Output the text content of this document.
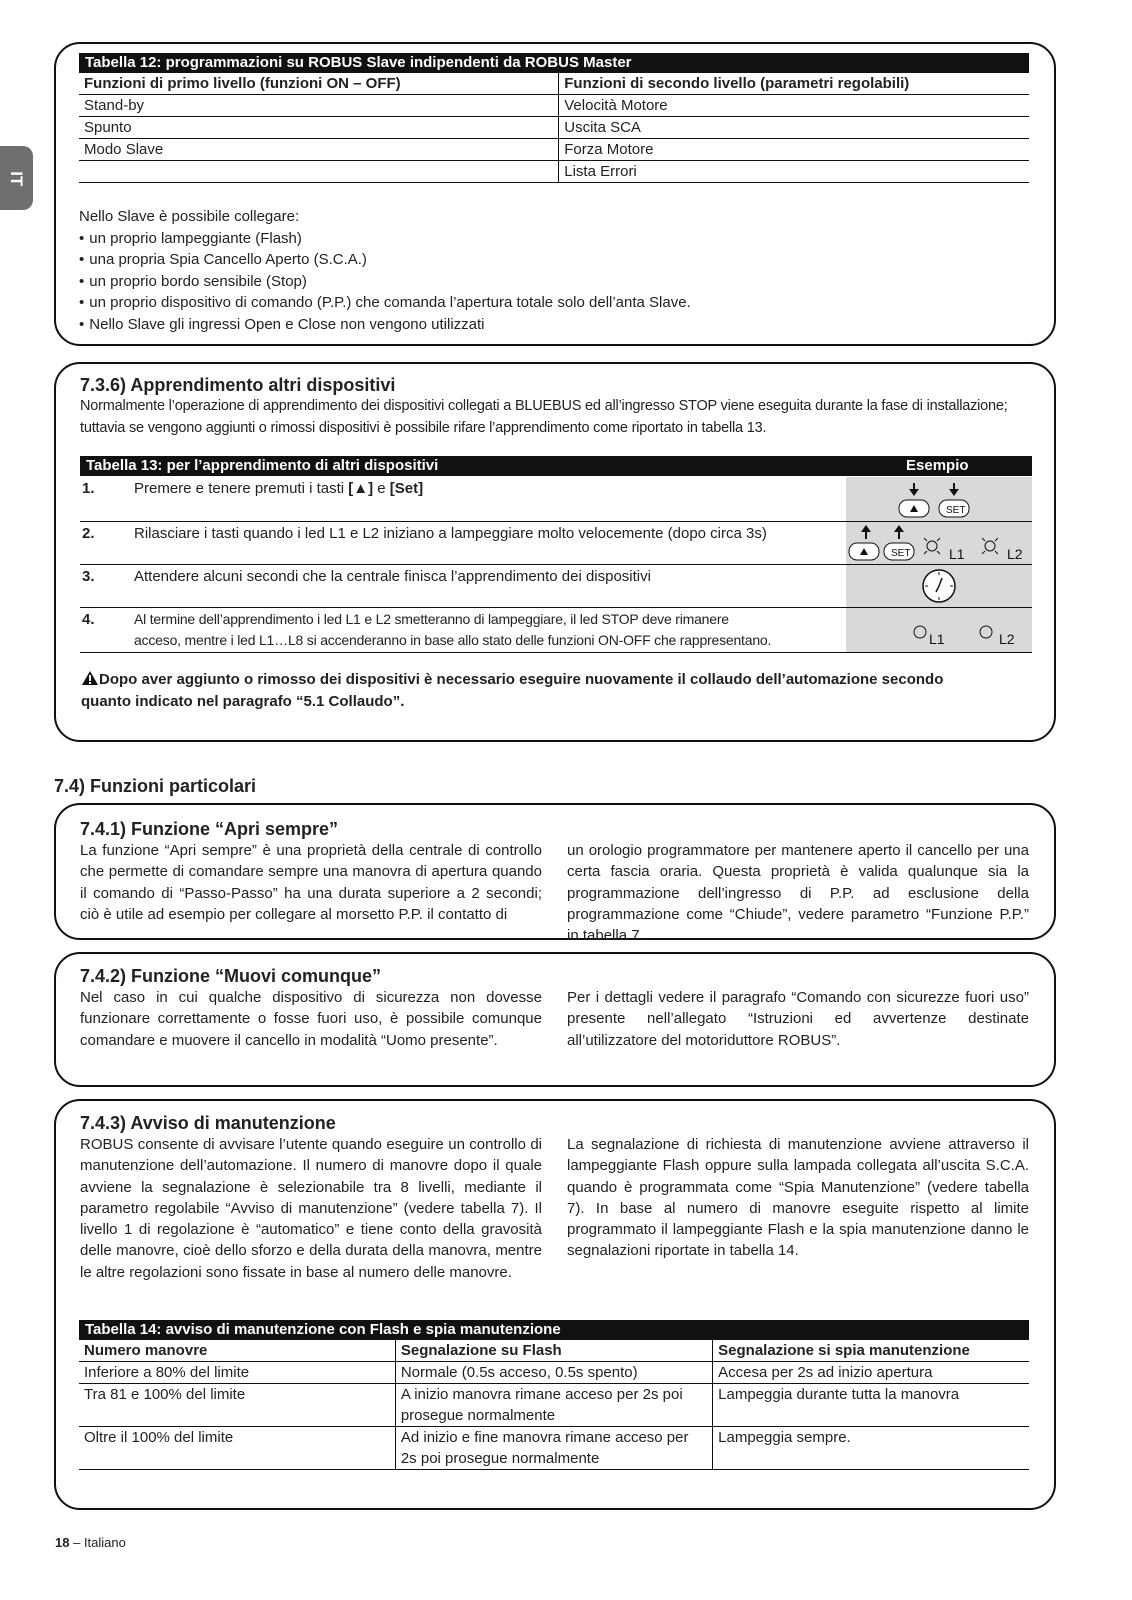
IT
Tabella 12: programmazioni su ROBUS Slave indipendenti da ROBUS Master
Funzioni di primo livello (funzioni ON – OFF)	Funzioni di secondo livello (parametri regolabili)
Stand-by	Velocità Motore
Spunto	Uscita SCA
Modo Slave	Forza Motore
	Lista Errori
Nello Slave è possibile collegare:
• un proprio lampeggiante (Flash)
• una propria Spia Cancello Aperto (S.C.A.)
• un proprio bordo sensibile (Stop)
• un proprio dispositivo di comando (P.P.) che comanda l’apertura totale solo dell’anta Slave.
• Nello Slave gli ingressi Open e Close non vengono utilizzati
7.3.6) Apprendimento altri dispositivi
Normalmente l’operazione di apprendimento dei dispositivi collegati a BLUEBUS ed all’ingresso STOP viene eseguita durante la fase di installazione;
tuttavia se vengono aggiunti o rimossi dispositivi è possibile rifare l’apprendimento come riportato in tabella 13.
Tabella 13: per l’apprendimento di altri dispositivi	Esempio
1.	Premere e tenere premuti i tasti [▲] e [Set]
SET
2.	Rilasciare i tasti quando i led L1 e L2 iniziano a lampeggiare molto velocemente (dopo circa 3s)
SET	L1	L2
3.	Attendere alcuni secondi che la centrale finisca l’apprendimento dei dispositivi
4.	Al termine dell’apprendimento i led L1 e L2 smetteranno di lampeggiare, il led STOP deve rimanere
acceso, mentre i led L1…L8 si accenderanno in base allo stato delle funzioni ON-OFF che rappresentano.	L1	L2
Dopo aver aggiunto o rimosso dei dispositivi è necessario eseguire nuovamente il collaudo dell’automazione secondo
quanto indicato nel paragrafo “5.1 Collaudo”.
7.4) Funzioni particolari
7.4.1) Funzione “Apri sempre”
La funzione “Apri sempre” è una proprietà della centrale di controllo che permette di comandare sempre una manovra di apertura quando il comando di “Passo-Passo” ha una durata superiore a 2 secondi; ciò è utile ad esempio per collegare al morsetto P.P. il contatto di
un orologio programmatore per mantenere aperto il cancello per una certa fascia oraria. Questa proprietà è valida qualunque sia la programmazione dell’ingresso di P.P. ad esclusione della programmazione come “Chiude”, vedere parametro “Funzione P.P.” in tabella 7.
7.4.2) Funzione “Muovi comunque”
Nel caso in cui qualche dispositivo di sicurezza non dovesse funzionare correttamente o fosse fuori uso, è possibile comunque comandare e muovere il cancello in modalità “Uomo presente”.
Per i dettagli vedere il paragrafo “Comando con sicurezze fuori uso” presente nell’allegato “Istruzioni ed avvertenze destinate all’utilizzatore del motoriduttore ROBUS”.
7.4.3) Avviso di manutenzione
ROBUS consente di avvisare l’utente quando eseguire un controllo di manutenzione dell’automazione. Il numero di manovre dopo il quale avviene la segnalazione è selezionabile tra 8 livelli, mediante il parametro regolabile “Avviso di manutenzione” (vedere tabella 7). Il livello 1 di regolazione è “automatico” e tiene conto della gravosità delle manovre, cioè dello sforzo e della durata della manovra, mentre le altre regolazioni sono fissate in base al numero delle manovre.
La segnalazione di richiesta di manutenzione avviene attraverso il lampeggiante Flash oppure sulla lampada collegata all’uscita S.C.A. quando è programmata come “Spia Manutenzione” (vedere tabella 7). In base al numero di manovre eseguite rispetto al limite programmato il lampeggiante Flash e la spia manutenzione danno le segnalazioni riportate in tabella 14.
Tabella 14: avviso di manutenzione con Flash e spia manutenzione
Numero manovre	Segnalazione su Flash	Segnalazione si spia manutenzione
Inferiore a 80% del limite	Normale (0.5s acceso, 0.5s spento)	Accesa per 2s ad inizio apertura
Tra 81 e 100% del limite	A inizio manovra rimane acceso per 2s poi prosegue normalmente	Lampeggia durante tutta la manovra
Oltre il 100% del limite	Ad inizio e fine manovra rimane acceso per 2s poi prosegue normalmente	Lampeggia sempre.
18 – Italiano
